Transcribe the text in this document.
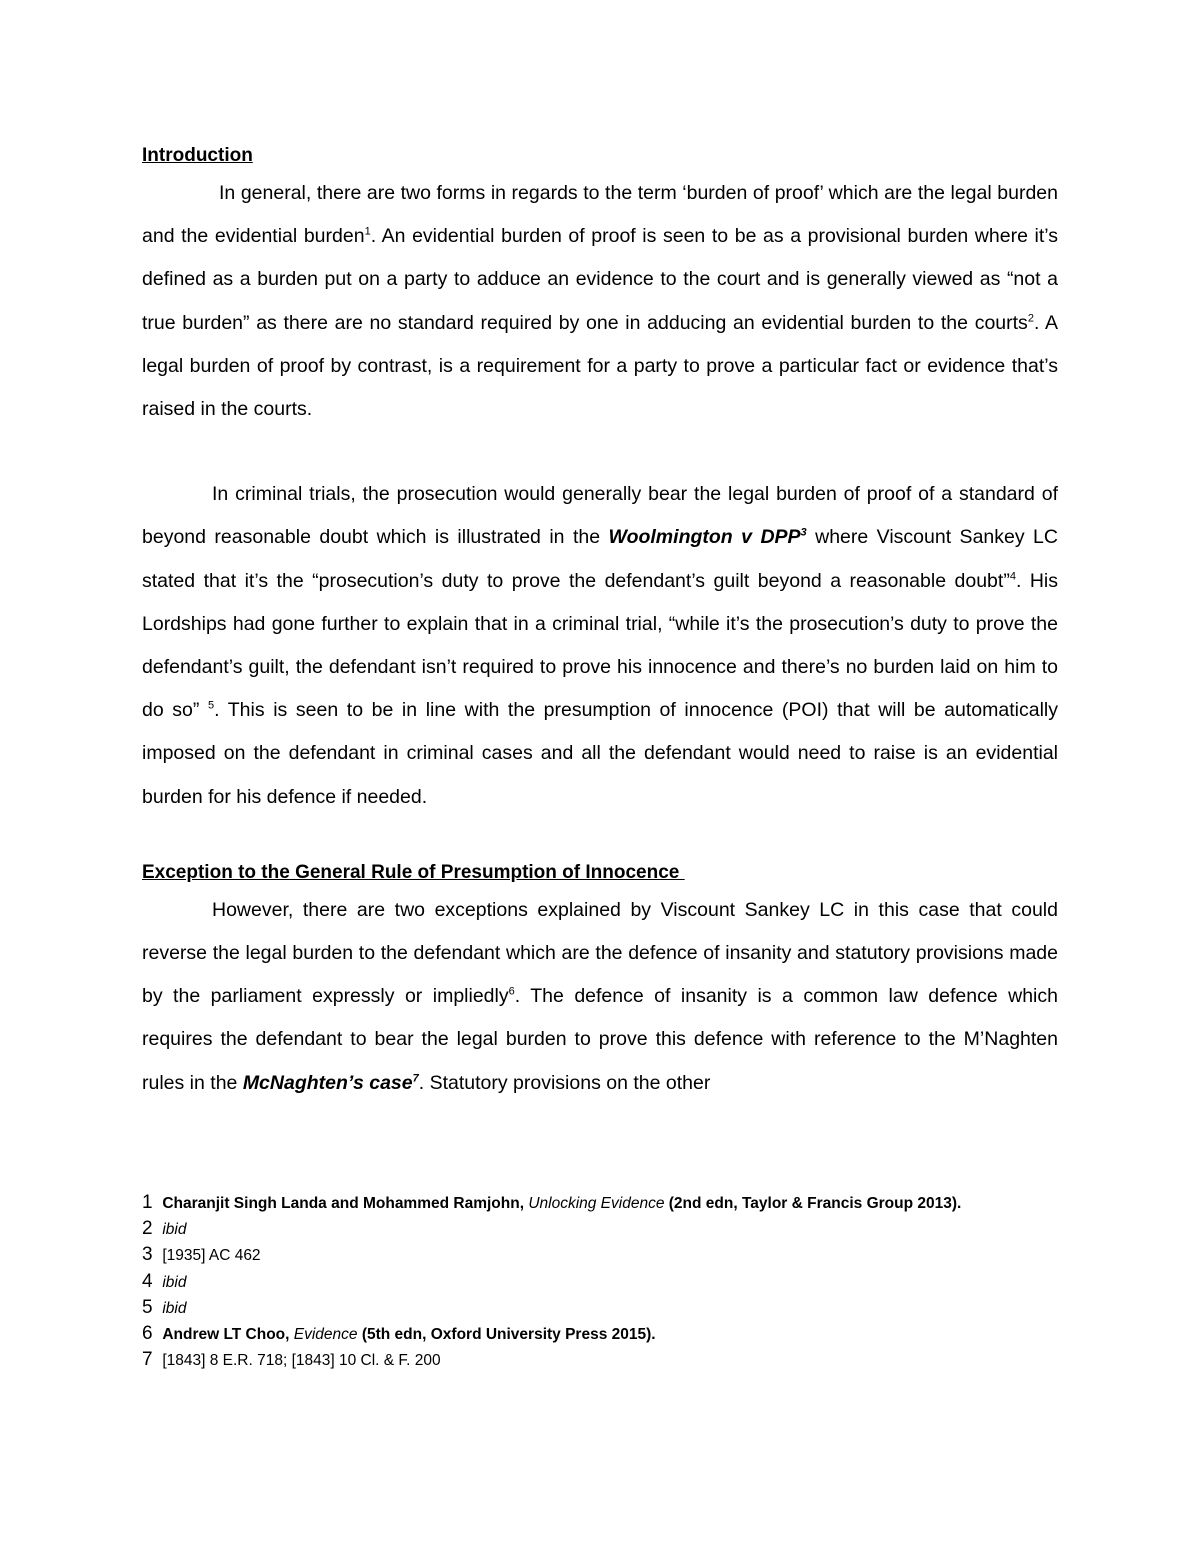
Introduction

In general, there are two forms in regards to the term ‘burden of proof’ which are the legal burden and the evidential burden$^1$. An evidential burden of proof is seen to be as a provisional burden where it’s defined as a burden put on a party to adduce an evidence to the court and is generally viewed as “not a true burden” as there are no standard required by one in adducing an evidential burden to the courts$^2$. A legal burden of proof by contrast, is a requirement for a party to prove a particular fact or evidence that’s raised in the courts.

In criminal trials, the prosecution would generally bear the legal burden of proof of a standard of beyond reasonable doubt which is illustrated in the Woolmington v DPP$^3$ where Viscount Sankey LC stated that it’s the “prosecution’s duty to prove the defendant’s guilt beyond a reasonable doubt”$^4$. His Lordships had gone further to explain that in a criminal trial, “while it’s the prosecution’s duty to prove the defendant’s guilt, the defendant isn’t required to prove his innocence and there’s no burden laid on him to do so” $^5$. This is seen to be in line with the presumption of innocence (POI) that will be automatically imposed on the defendant in criminal cases and all the defendant would need to raise is an evidential burden for his defence if needed.

Exception to the General Rule of Presumption of Innocence

However, there are two exceptions explained by Viscount Sankey LC in this case that could reverse the legal burden to the defendant which are the defence of insanity and statutory provisions made by the parliament expressly or impliedly$^6$. The defence of insanity is a common law defence which requires the defendant to bear the legal burden to prove this defence with reference to the M’Naghten rules in the McNaghten’s case$^7$. Statutory provisions on the other

1 Charanjit Singh Landa and Mohammed Ramjohn, Unlocking Evidence (2nd edn, Taylor & Francis Group 2013).
2 ibid
3 [1935] AC 462
4 ibid
5 ibid
6 Andrew LT Choo, Evidence (5th edn, Oxford University Press 2015).
7 [1843] 8 E.R. 718; [1843] 10 Cl. & F. 200
